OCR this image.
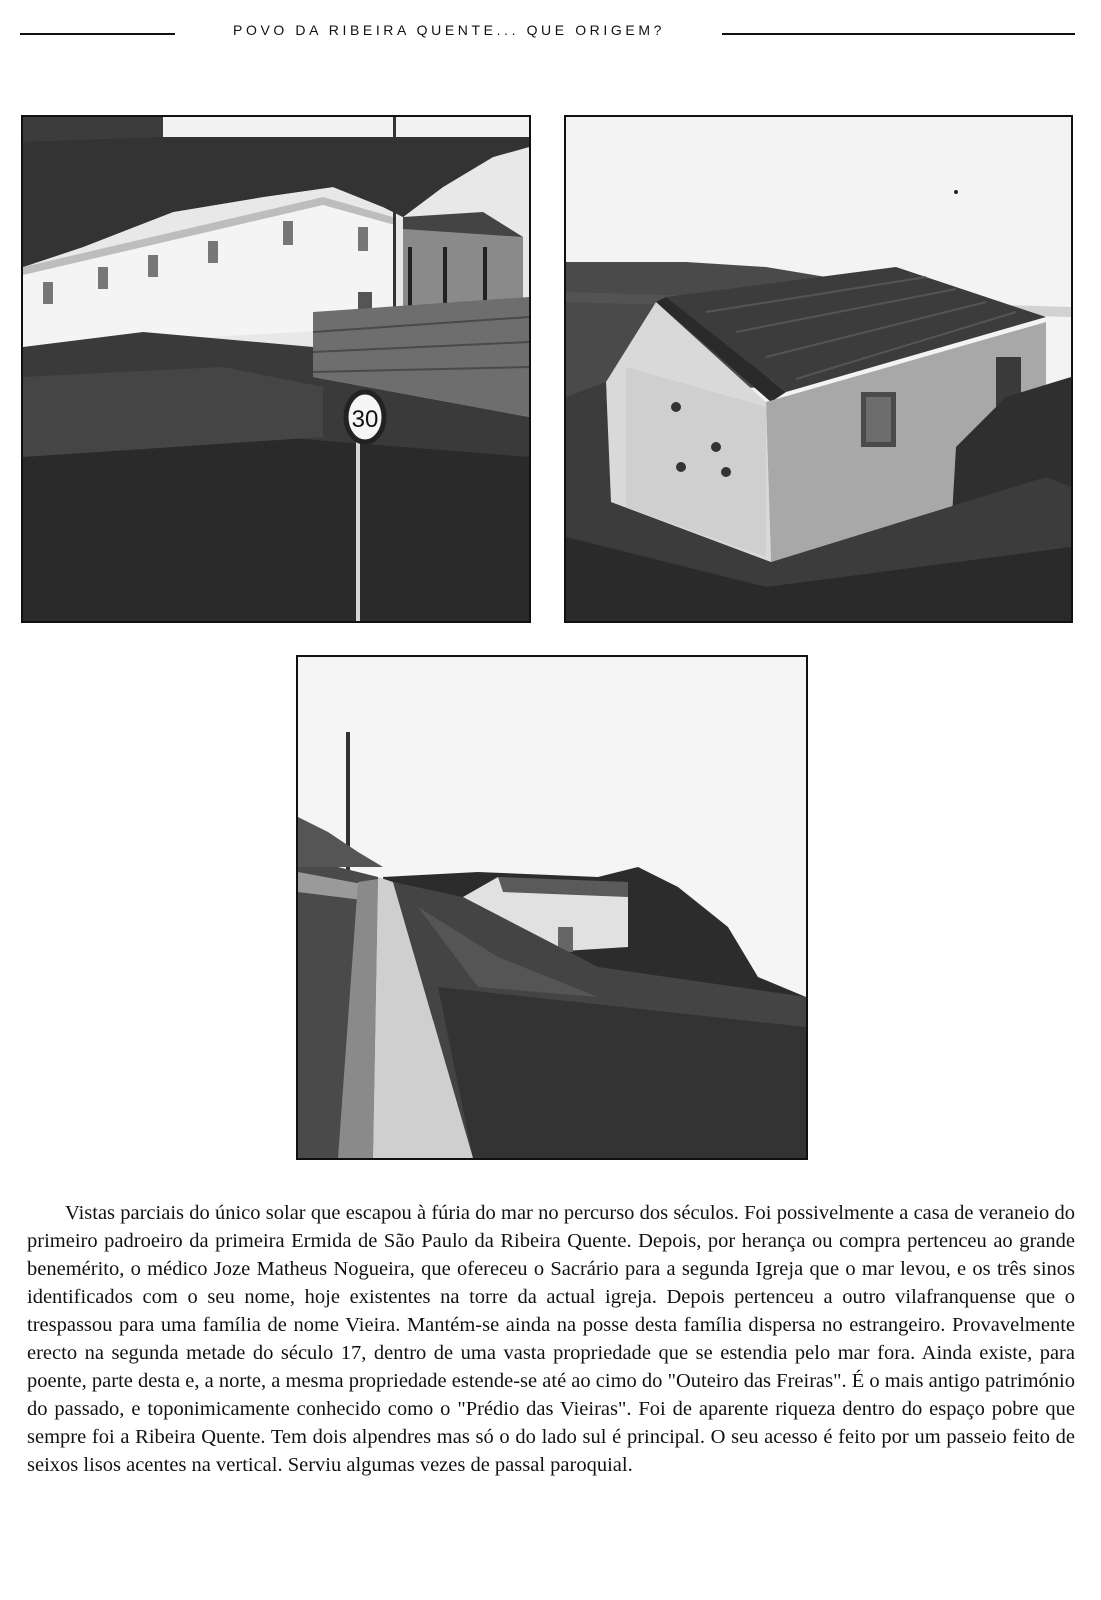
POVO DA RIBEIRA QUENTE... QUE ORIGEM?
30

Vistas parciais do único solar que escapou à fúria do mar no percurso dos séculos. Foi possivelmente a casa de veraneio do primeiro padroeiro da primeira Ermida de São Paulo da Ribeira Quente. Depois, por herança ou compra pertenceu ao grande benemérito, o médico Joze Matheus Nogueira, que ofereceu o Sacrário para a segunda Igreja que o mar levou, e os três sinos identificados com o seu nome, hoje existentes na torre da actual igreja. Depois pertenceu a outro vilafranquense que o trespassou para uma família de nome Vieira. Mantém-se ainda na posse desta família dispersa no estrangeiro. Provavelmente erecto na segunda metade do século 17, dentro de uma vasta propriedade que se estendia pelo mar fora. Ainda existe, para poente, parte desta e, a norte, a mesma propriedade estende-se até ao cimo do "Outeiro das Freiras". É o mais antigo património do passado, e toponimicamente conhecido como o "Prédio das Vieiras". Foi de aparente riqueza dentro do espaço pobre que sempre foi a Ribeira Quente. Tem dois alpendres mas só o do lado sul é principal. O seu acesso é feito por um passeio feito de seixos lisos acentes na vertical. Serviu algumas vezes de passal paroquial.
